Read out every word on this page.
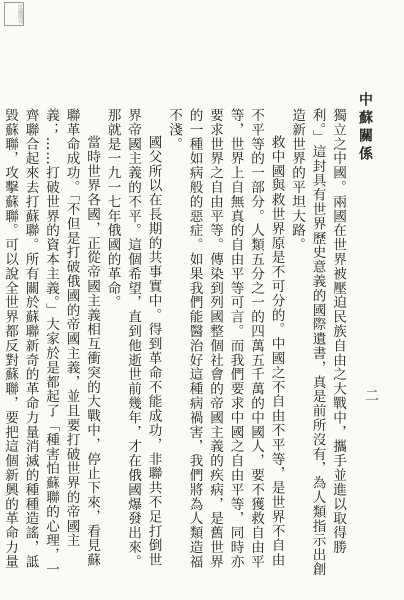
民國期刊
中蘇關係
二

獨立之中國。兩國在世界被壓迫民族自由之大戰中，攜手並進以取得勝利。」這封具有世界歷史意義的國際遺書，真是前所沒有，為人類指示出創造新世界的平坦大路。

救中國與救世界原是不可分的。中國之不自由不平等，是世界不自由不平等的一部分。人類五分之一的四萬五千萬的中國人，要不獲救自由平等，世界上自無真的自由平等可言。而我們要求中國之自由平等，同時亦要求世界之自由平等。傳染到列國整個社會的帝國主義的疾病，是舊世界的一種如病般的惡症。如果我們能醫治好這種病禍害，我們將為人類造福不淺。

國父所以在長期的共事實中。得到革命不能成功，非聯共不足打倒世界帝國主義的不平。這個希望，直到他逝世前幾年，才在俄國爆發出來。那就是一九一七年俄國的革命。

當時世界各國，正從帝國主義相互衝突的大戰中，停止下來，看見蘇聯革命成功。「不但是打破俄國的帝國主義，並且要打破世界的帝國主義；……打破世界的資本主義。」大家於是都起了「種害怕蘇聯的心理，一齊聯合起來去打蘇聯。所有關於蘇聯新奇的革命力量消滅的種種造謠，詆毀蘇聯，攻擊蘇聯。可以說全世界都反對蘇聯，要把這個新興的革命力量
